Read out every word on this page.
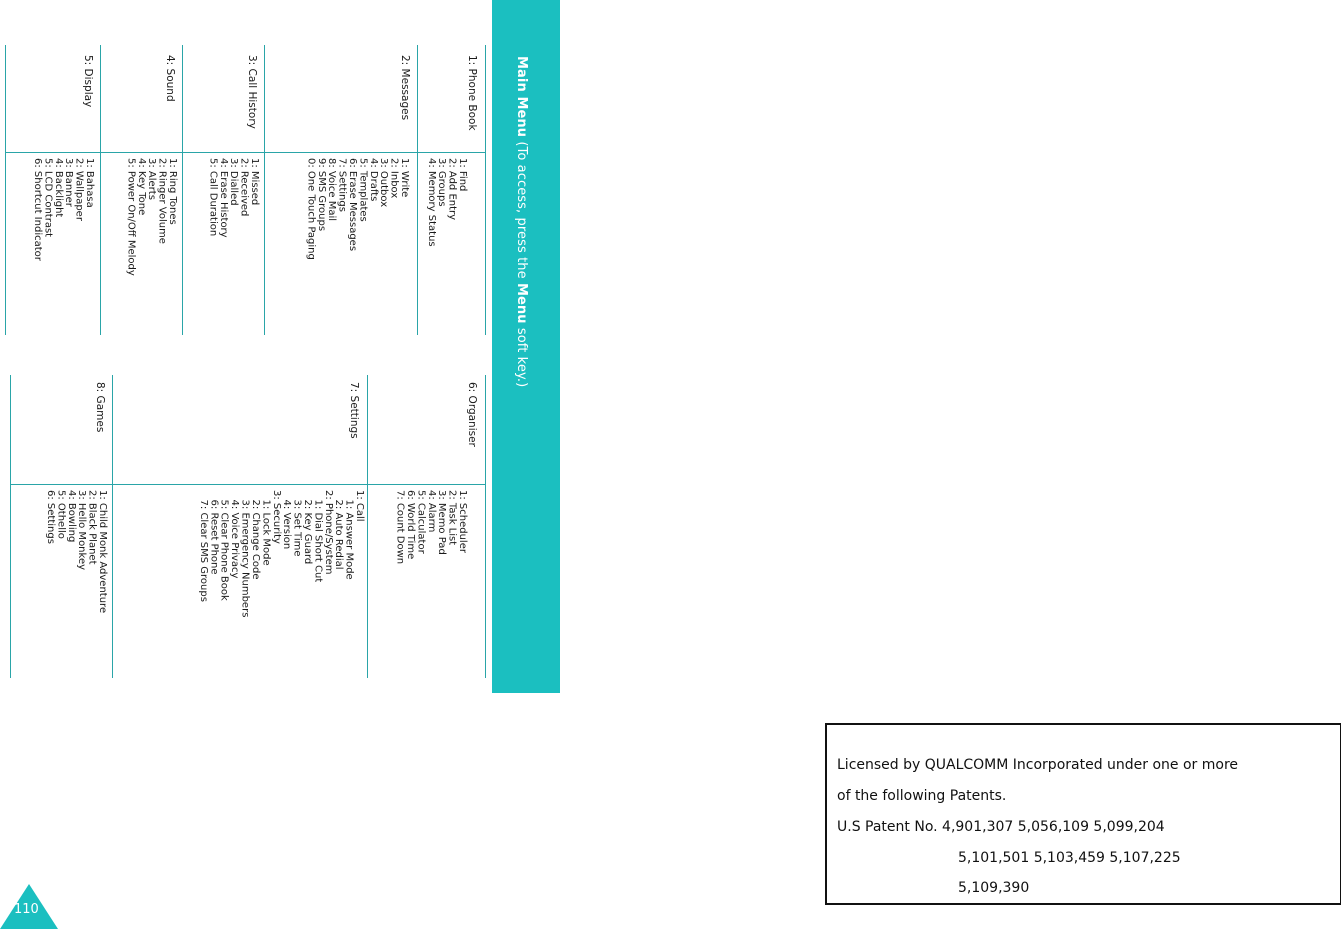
Main Menu (To access, press the Menu soft key.)
1: Phone Book
1: Find
2: Add Entry
3: Groups
4: Memory Status
2: Messages
1: Write
2: Inbox
3: Outbox
4: Drafts
5: Templates
6: Erase Messages
7: Settings
8: Voice Mail
9: SMS Groups
0: One Touch Paging
3: Call History
1: Missed
2: Received
3: Dialled
4: Erase History
5: Call Duration
4: Sound
1: Ring Tones
2: Ringer Volume
3: Alerts
4: Key Tone
5: Power On/Off Melody
5: Display
1: Bahasa
2: Wallpaper
3: Banner
4: Backlight
5: LCD Contrast
6: Shortcut Indicator
6: Organiser
1: Scheduler
2: Task List
3: Memo Pad
4: Alarm
5: Calculator
6: World Time
7: Count Down
7: Settings
1: Call
1: Answer Mode
2: Auto Redial
2: Phone/System
1: Dial Short Cut
2: Key Guard
3: Set Time
4: Version
3: Security
1: Lock Mode
2: Change Code
3: Emergency Numbers
4: Voice Privacy
5: Clear Phone Book
6: Reset Phone
7: Clear SMS Groups
8: Games
1: Child Monk Adventure
2: Black Planet
3: Hello Monkey
4: Bowling
5: Othello
6: Settings
110
Licensed by QUALCOMM Incorporated under one or more
of the following Patents.
U.S Patent No. 4,901,307 5,056,109 5,099,204
5,101,501 5,103,459 5,107,225
5,109,390
